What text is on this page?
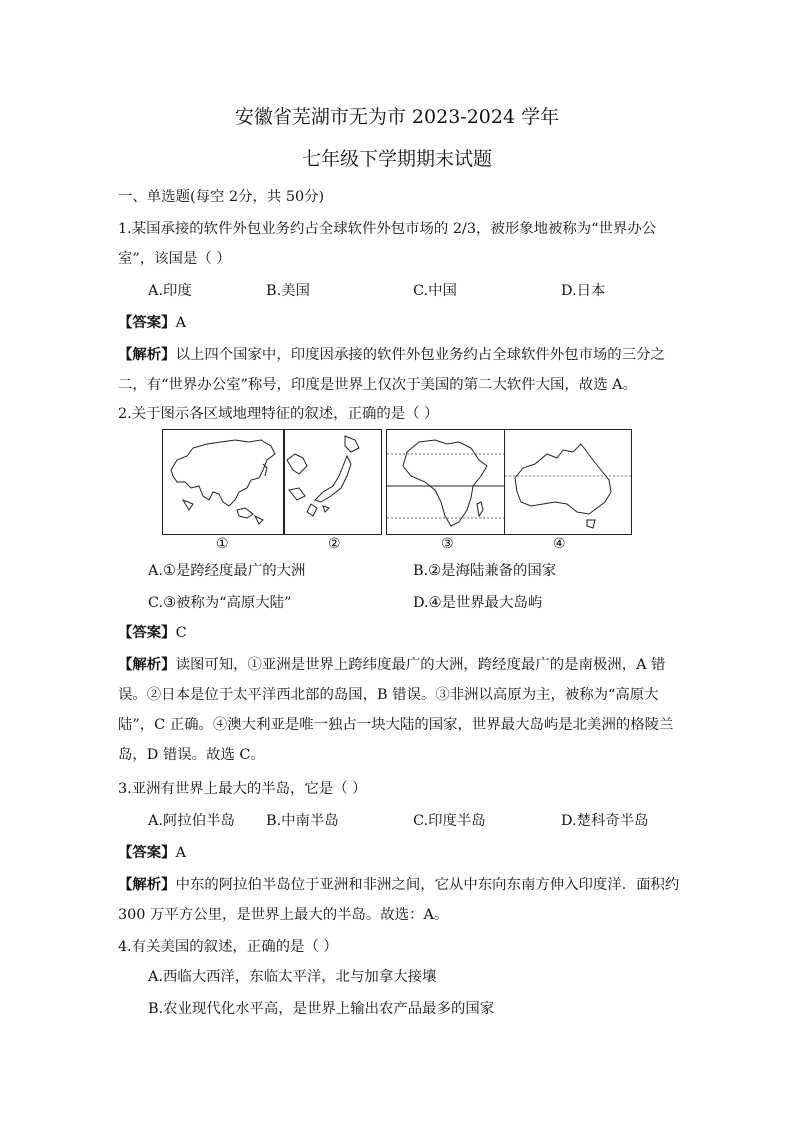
安徽省芜湖市无为市 2023-2024 学年
七年级下学期期末试题
一、单选题(每空 2分，共 50分)
1.某国承接的软件外包业务约占全球软件外包市场的 2/3，被形象地被称为“世界办公
室”，该国是（ ）
A.印度	B.美国	C.中国	D.日本
【答案】A
【解析】以上四个国家中，印度因承接的软件外包业务约占全球软件外包市场的三分之
二，有“世界办公室”称号，印度是世界上仅次于美国的第二大软件大国，故选 A。
2.关于图示各区域地理特征的叙述，正确的是（ ）
①	②	③	④
A.①是跨经度最广的大洲	B.②是海陆兼备的国家
C.③被称为“高原大陆”	D.④是世界最大岛屿
【答案】C
【解析】读图可知，①亚洲是世界上跨纬度最广的大洲，跨经度最广的是南极洲，A 错
误。②日本是位于太平洋西北部的岛国，B 错误。③非洲以高原为主，被称为“高原大
陆”，C 正确。④澳大利亚是唯一独占一块大陆的国家，世界最大岛屿是北美洲的格陵兰
岛，D 错误。故选 C。
3.亚洲有世界上最大的半岛，它是（ ）
A.阿拉伯半岛 B.中南半岛	C.印度半岛	D.楚科奇半岛
【答案】A
【解析】中东的阿拉伯半岛位于亚洲和非洲之间，它从中东向东南方伸入印度洋．面积约
300 万平方公里，是世界上最大的半岛。故选：A。
4.有关美国的叙述，正确的是（ ）
A.西临大西洋，东临太平洋，北与加拿大接壤
B.农业现代化水平高，是世界上输出农产品最多的国家
